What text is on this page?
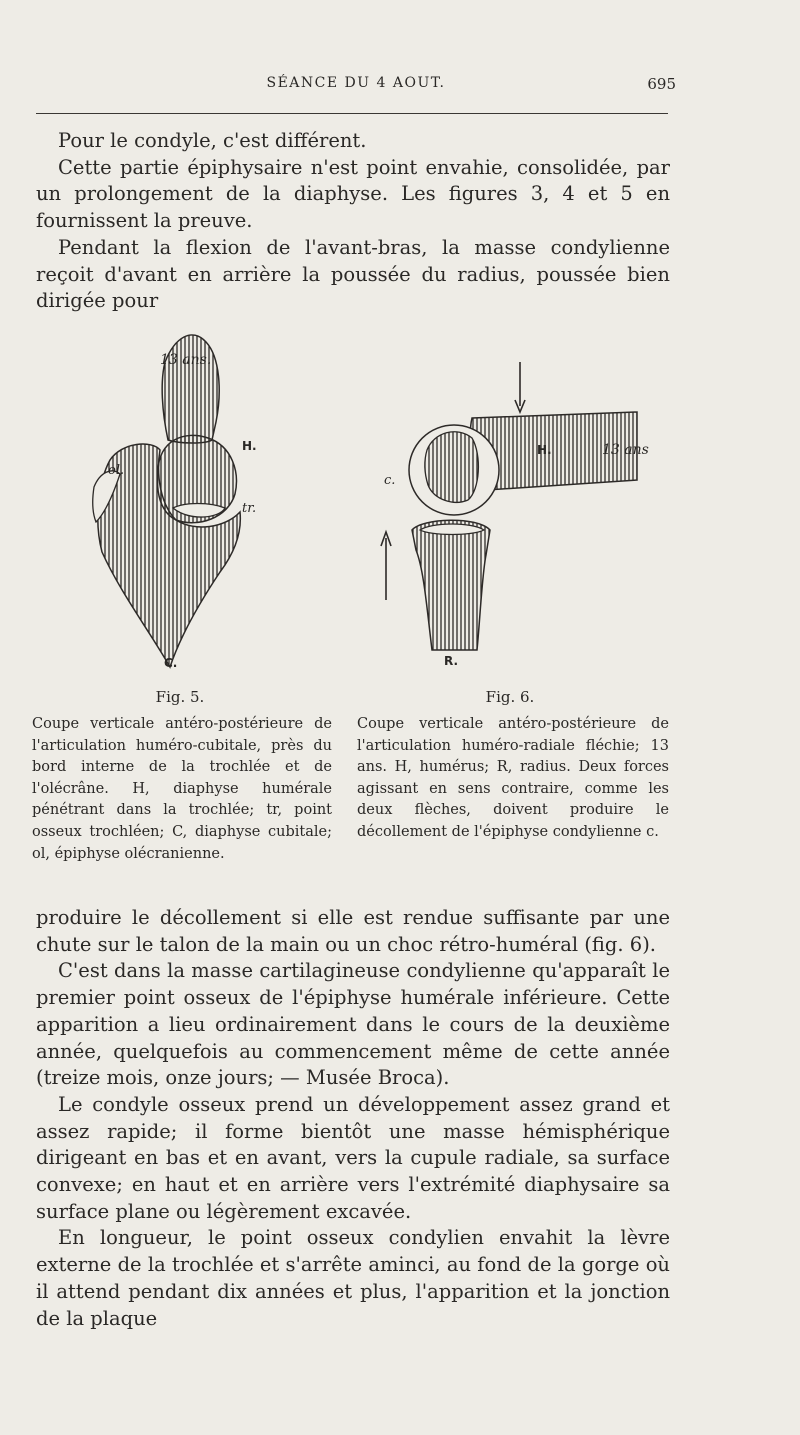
SÉANCE DU 4 AOUT.	695

Pour le condyle, c'est différent.

Cette partie épiphysaire n'est point envahie, consolidée, par un prolongement de la diaphyse. Les figures 3, 4 et 5 en fournissent la preuve.

Pendant la flexion de l'avant-bras, la masse condylienne reçoit d'avant en arrière la poussée du radius, poussée bien dirigée pour

13 ans.
H.
tr.
ol.
C.
H.	13 ans
c.
R.
Fig. 5.	Fig. 6.

Coupe verticale antéro-postérieure de l'articulation huméro-cubitale, près du bord interne de la trochlée et de l'olécrâne. H, diaphyse humérale pénétrant dans la trochlée; tr, point osseux trochléen; C, diaphyse cubitale; ol, épiphyse olécranienne.

Coupe verticale antéro-postérieure de l'articulation huméro-radiale fléchie; 13 ans. H, humérus; R, radius. Deux forces agissant en sens contraire, comme les deux flèches, doivent produire le décollement de l'épiphyse condylienne c.

produire le décollement si elle est rendue suffisante par une chute sur le talon de la main ou un choc rétro-huméral (fig. 6).

C'est dans la masse cartilagineuse condylienne qu'apparaît le premier point osseux de l'épiphyse humérale inférieure. Cette apparition a lieu ordinairement dans le cours de la deuxième année, quelquefois au commencement même de cette année (treize mois, onze jours; — Musée Broca).

Le condyle osseux prend un développement assez grand et assez rapide; il forme bientôt une masse hémisphérique dirigeant en bas et en avant, vers la cupule radiale, sa surface convexe; en haut et en arrière vers l'extrémité diaphysaire sa surface plane ou légèrement excavée.

En longueur, le point osseux condylien envahit la lèvre externe de la trochlée et s'arrête aminci, au fond de la gorge où il attend pendant dix années et plus, l'apparition et la jonction de la plaque
